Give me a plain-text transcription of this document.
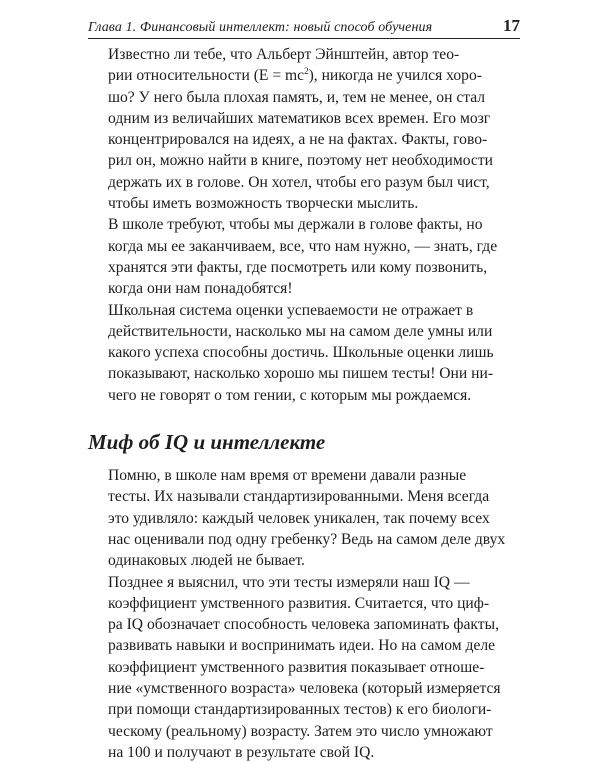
Глава 1. Финансовый интеллект: новый способ обучения	17

Известно ли тебе, что Альберт Эйнштейн, автор тео-
рии относительности $(E = mc^2)$, никогда не учился хоро-
шо? У него была плохая память, и, тем не менее, он стал
одним из величайших математиков всех времен. Его мозг
концентрировался на идеях, а не на фактах. Факты, гово-
рил он, можно найти в книге, поэтому нет необходимости
держать их в голове. Он хотел, чтобы его разум был чист,
чтобы иметь возможность творчески мыслить.

В школе требуют, чтобы мы держали в голове факты, но
когда мы ее заканчиваем, все, что нам нужно, — знать, где
хранятся эти факты, где посмотреть или кому позвонить,
когда они нам понадобятся!

Школьная система оценки успеваемости не отражает в
действительности, насколько мы на самом деле умны или
какого успеха способны достичь. Школьные оценки лишь
показывают, насколько хорошо мы пишем тесты! Они ни-
чего не говорят о том гении, с которым мы рождаемся.

Миф об IQ и интеллекте

Помню, в школе нам время от времени давали разные
тесты. Их называли стандартизированными. Меня всегда
это удивляло: каждый человек уникален, так почему всех
нас оценивали под одну гребенку? Ведь на самом деле двух
одинаковых людей не бывает.

Позднее я выяснил, что эти тесты измеряли наш IQ —
коэффициент умственного развития. Считается, что циф-
ра IQ обозначает способность человека запоминать факты,
развивать навыки и воспринимать идеи. Но на самом деле
коэффициент умственного развития показывает отноше-
ние «умственного возраста» человека (который измеряется
при помощи стандартизированных тестов) к его биологи-
ческому (реальному) возрасту. Затем это число умножают
на 100 и получают в результате свой IQ.
